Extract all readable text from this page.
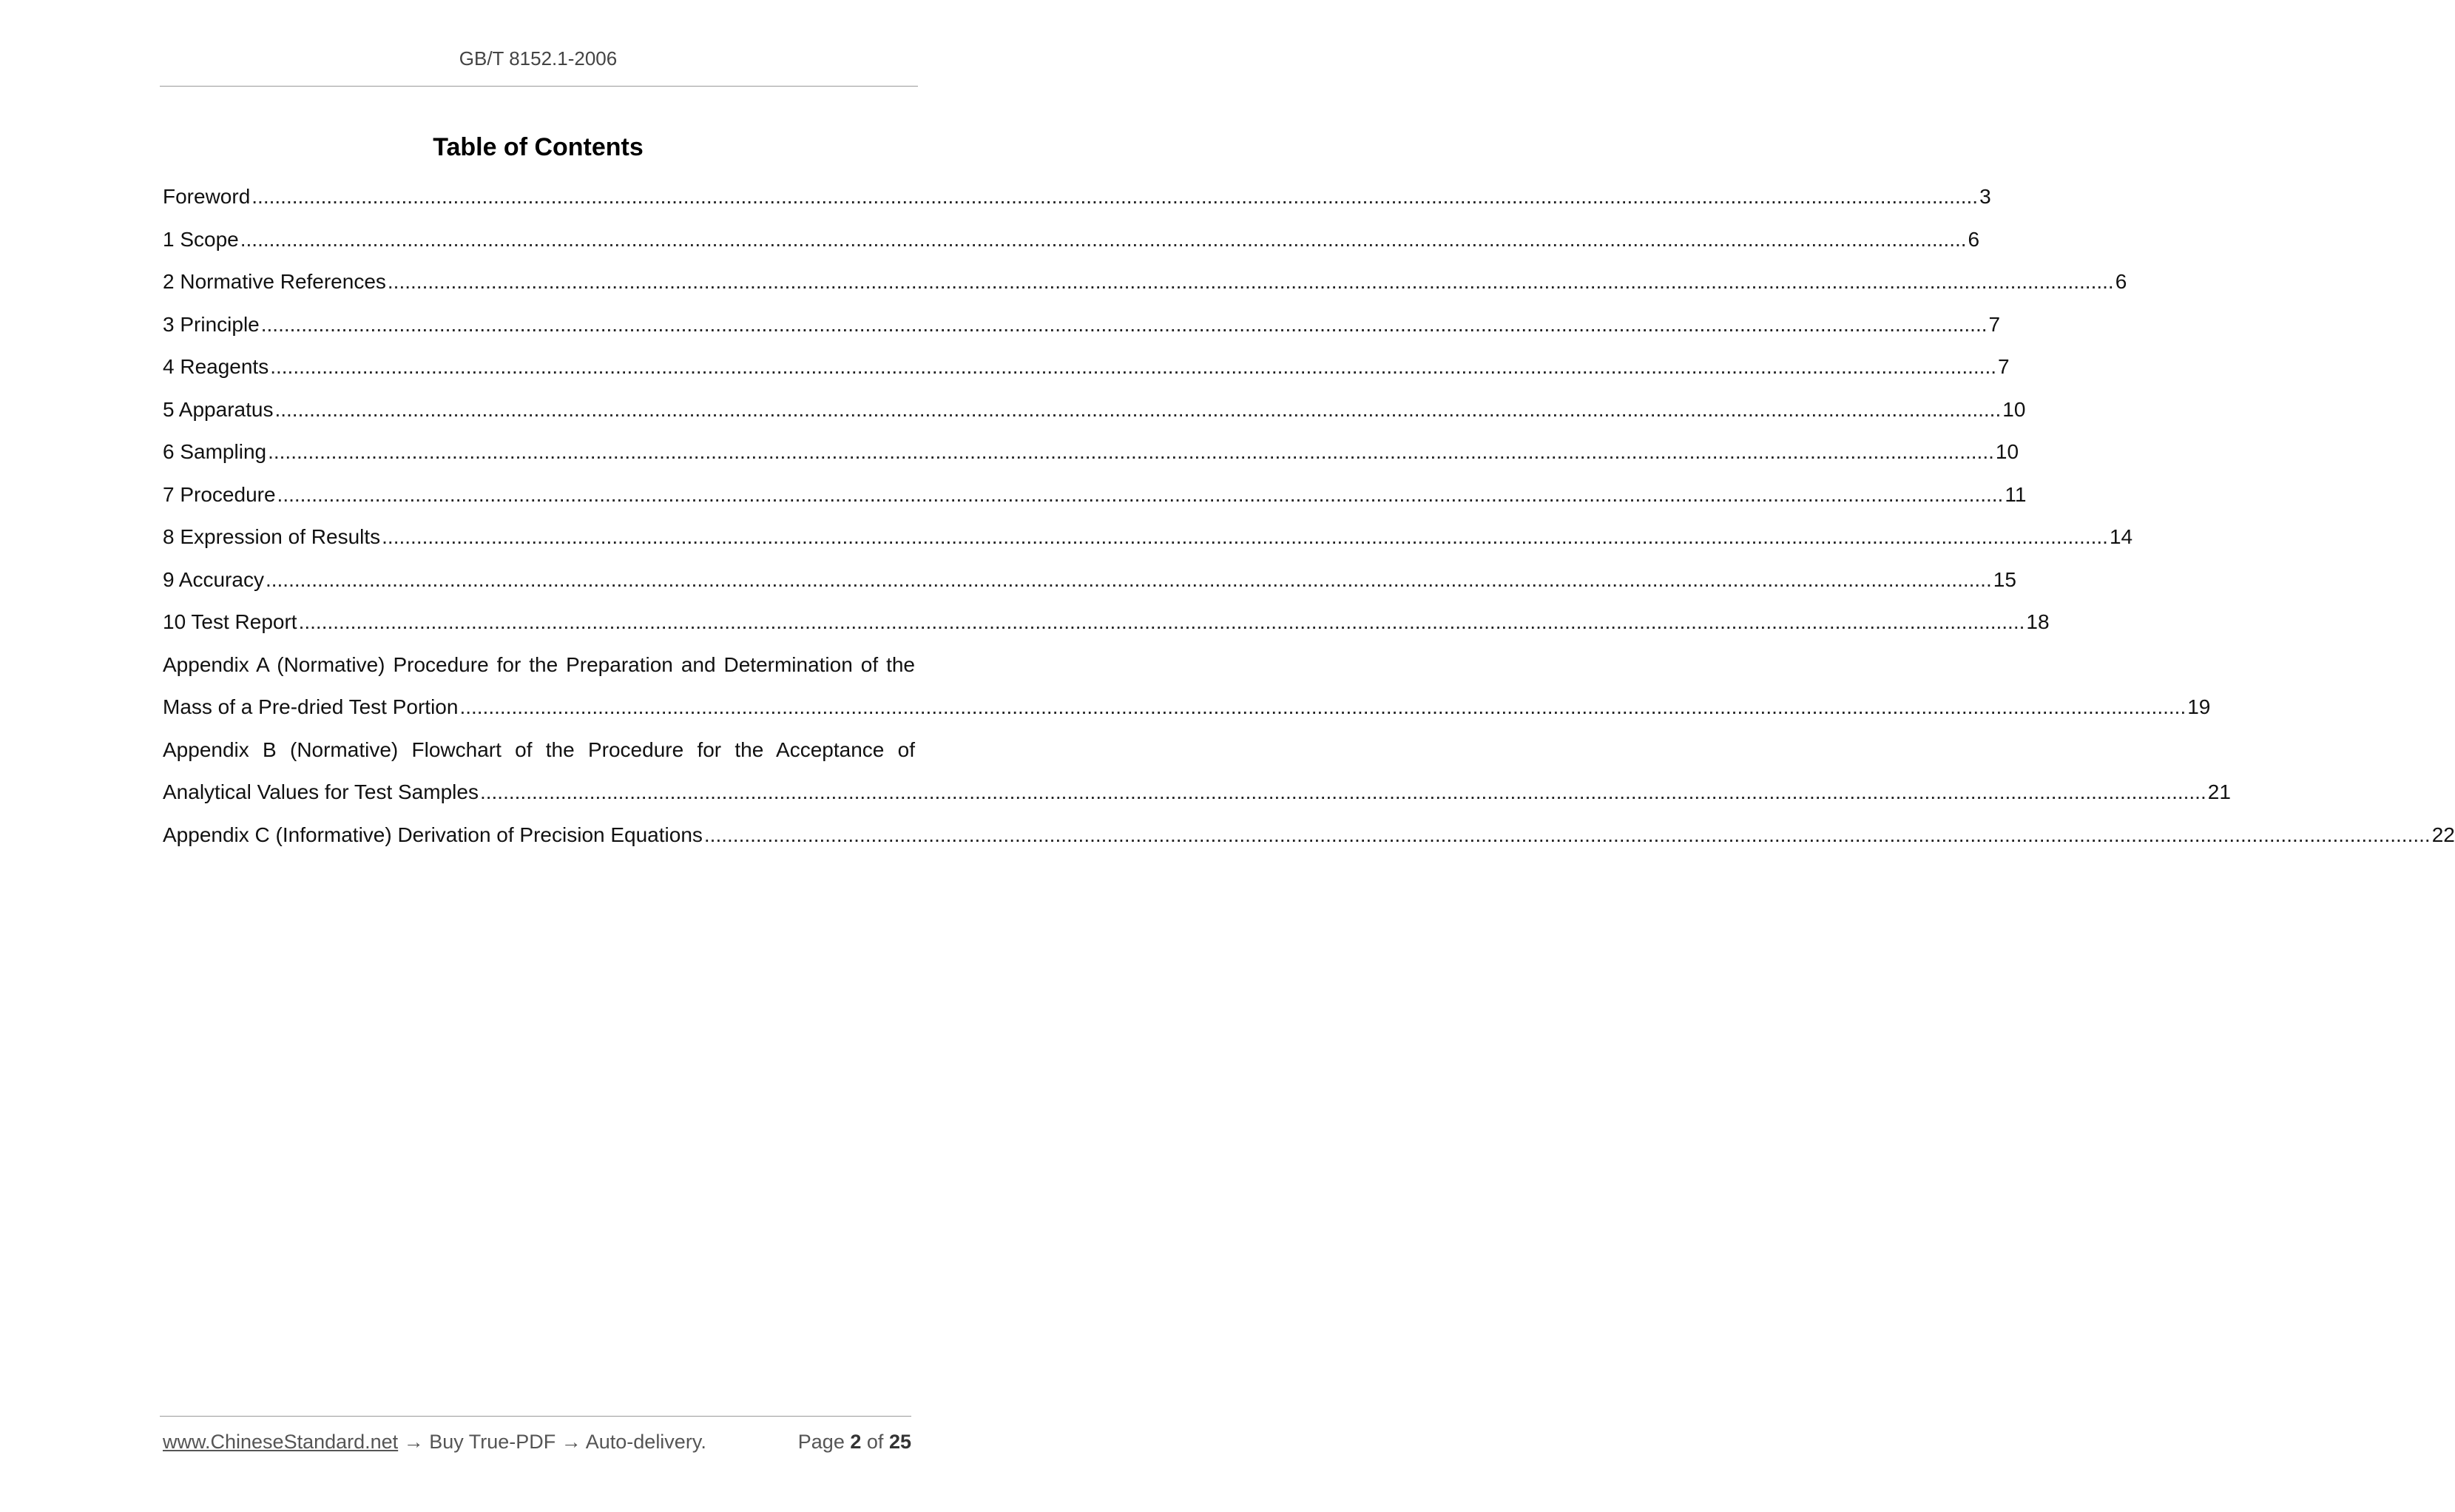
GB/T 8152.1-2006
Table of Contents
Foreword ............................................................................................................................................................................................................................................................................................................ 3
1 Scope ............................................................................................................................................................................................................................................................................................................ 6
2 Normative References ............................................................................................................................................................................................................................................................................................................ 6
3 Principle ............................................................................................................................................................................................................................................................................................................ 7
4 Reagents ............................................................................................................................................................................................................................................................................................................ 7
5 Apparatus ............................................................................................................................................................................................................................................................................................................ 10
6 Sampling ............................................................................................................................................................................................................................................................................................................ 10
7 Procedure ............................................................................................................................................................................................................................................................................................................ 11
8 Expression of Results ............................................................................................................................................................................................................................................................................................................ 14
9 Accuracy ............................................................................................................................................................................................................................................................................................................ 15
10 Test Report ............................................................................................................................................................................................................................................................................................................ 18
Appendix A (Normative) Procedure for the Preparation and Determination of the
Mass of a Pre-dried Test Portion ............................................................................................................................................................................................................................................................................................................ 19
Appendix B (Normative) Flowchart of the Procedure for the Acceptance of
Analytical Values for Test Samples ............................................................................................................................................................................................................................................................................................................ 21
Appendix C (Informative) Derivation of Precision Equations ............................................................................................................................................................................................................................................................................................................ 22
www.ChineseStandard.net → Buy True-PDF → Auto-delivery.	Page 2 of 25
